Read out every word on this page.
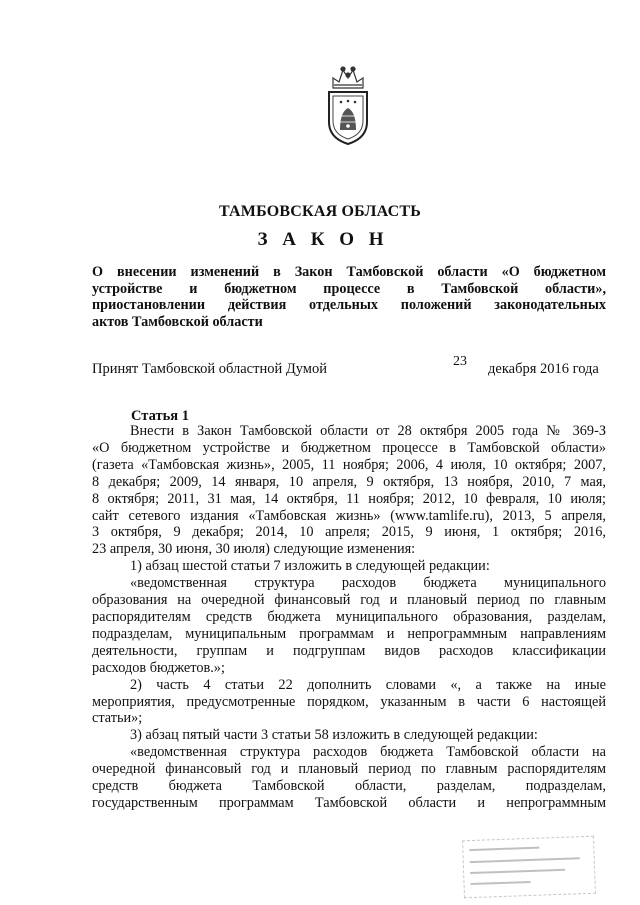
ТАМБОВСКАЯ ОБЛАСТЬ
З А К О Н
О внесении изменений в Закон Тамбовской области «О бюджетном
устройстве и бюджетном процессе в Тамбовской области»,
приостановлении действия отдельных положений законодательных
актов Тамбовской области
Принят Тамбовской областной Думой	23 декабря 2016 года
Статья 1
Внести в Закон Тамбовской области от 28 октября 2005 года № 369-З
«О бюджетном устройстве и бюджетном процессе в Тамбовской области»
(газета «Тамбовская жизнь», 2005, 11 ноября; 2006, 4 июля, 10 октября; 2007,
8 декабря; 2009, 14 января, 10 апреля, 9 октября, 13 ноября, 2010, 7 мая,
8 октября; 2011, 31 мая, 14 октября, 11 ноября; 2012, 10 февраля, 10 июля;
сайт сетевого издания «Тамбовская жизнь» (www.tamlife.ru), 2013, 5 апреля,
3 октября, 9 декабря; 2014, 10 апреля; 2015, 9 июня, 1 октября; 2016,
23 апреля, 30 июня, 30 июля) следующие изменения:
1) абзац шестой статьи 7 изложить в следующей редакции:
«ведомственная структура расходов бюджета муниципального
образования на очередной финансовый год и плановый период по главным
распорядителям средств бюджета муниципального образования, разделам,
подразделам, муниципальным программам и непрограммным направлениям
деятельности, группам и подгруппам видов расходов классификации
расходов бюджетов.»;
2) часть 4 статьи 22 дополнить словами «, а также на иные
мероприятия, предусмотренные порядком, указанным в части 6 настоящей
статьи»;
3) абзац пятый части 3 статьи 58 изложить в следующей редакции:
«ведомственная структура расходов бюджета Тамбовской области на
очередной финансовый год и плановый период по главным распорядителям
средств бюджета Тамбовской области, разделам, подразделам,
государственным программам Тамбовской области и непрограммным
